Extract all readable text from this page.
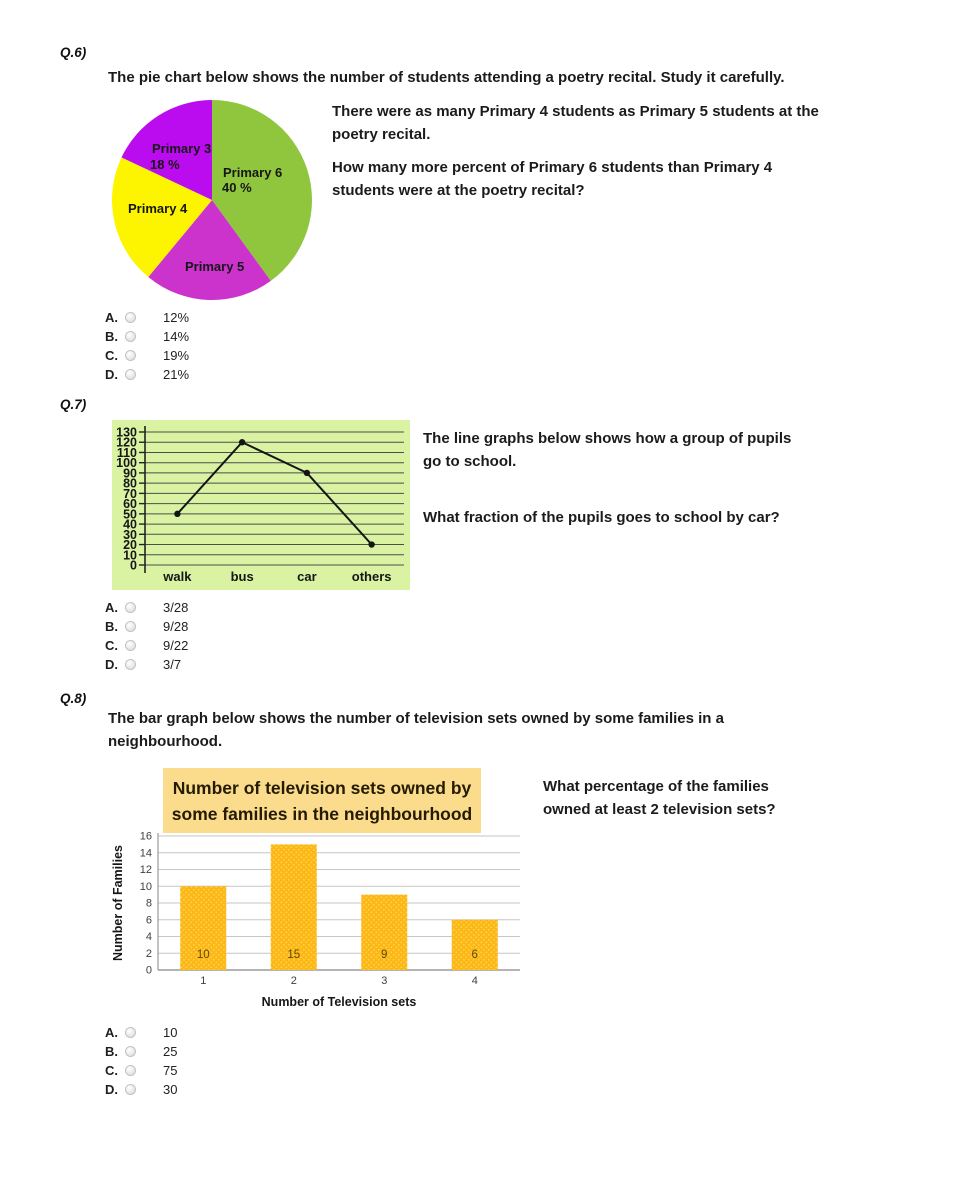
Q.6)
The pie chart below shows the number of students attending a poetry recital. Study it carefully.
Primary 6
40 %
Primary 5
Primary 4
Primary 3
18 %
There were as many Primary 4 students as Primary 5 students at the poetry recital.
How many more percent of Primary 6 students than Primary 4 students were at the poetry recital?
A.	12%
B.	14%
C.	19%
D.	21%
Q.7)
0
10
20
30
40
50
60
70
80
90
100
110
120
130
walk	bus	car	others
The line graphs below shows how a group of pupils go to school.
What fraction of the pupils goes to school by car?
A.	3/28
B.	9/28
C.	9/22
D.	3/7
Q.8)
The bar graph below shows the number of television sets owned by some families in a neighbourhood.
Number of television sets owned by some families in the neighbourhood
What percentage of the families owned at least 2 television sets?
0
2
4
6
8
10
12
14
16
10
1
15
2
9
3
6
4
Number of Television sets
Number of Families
A.	10
B.	25
C.	75
D.	30
